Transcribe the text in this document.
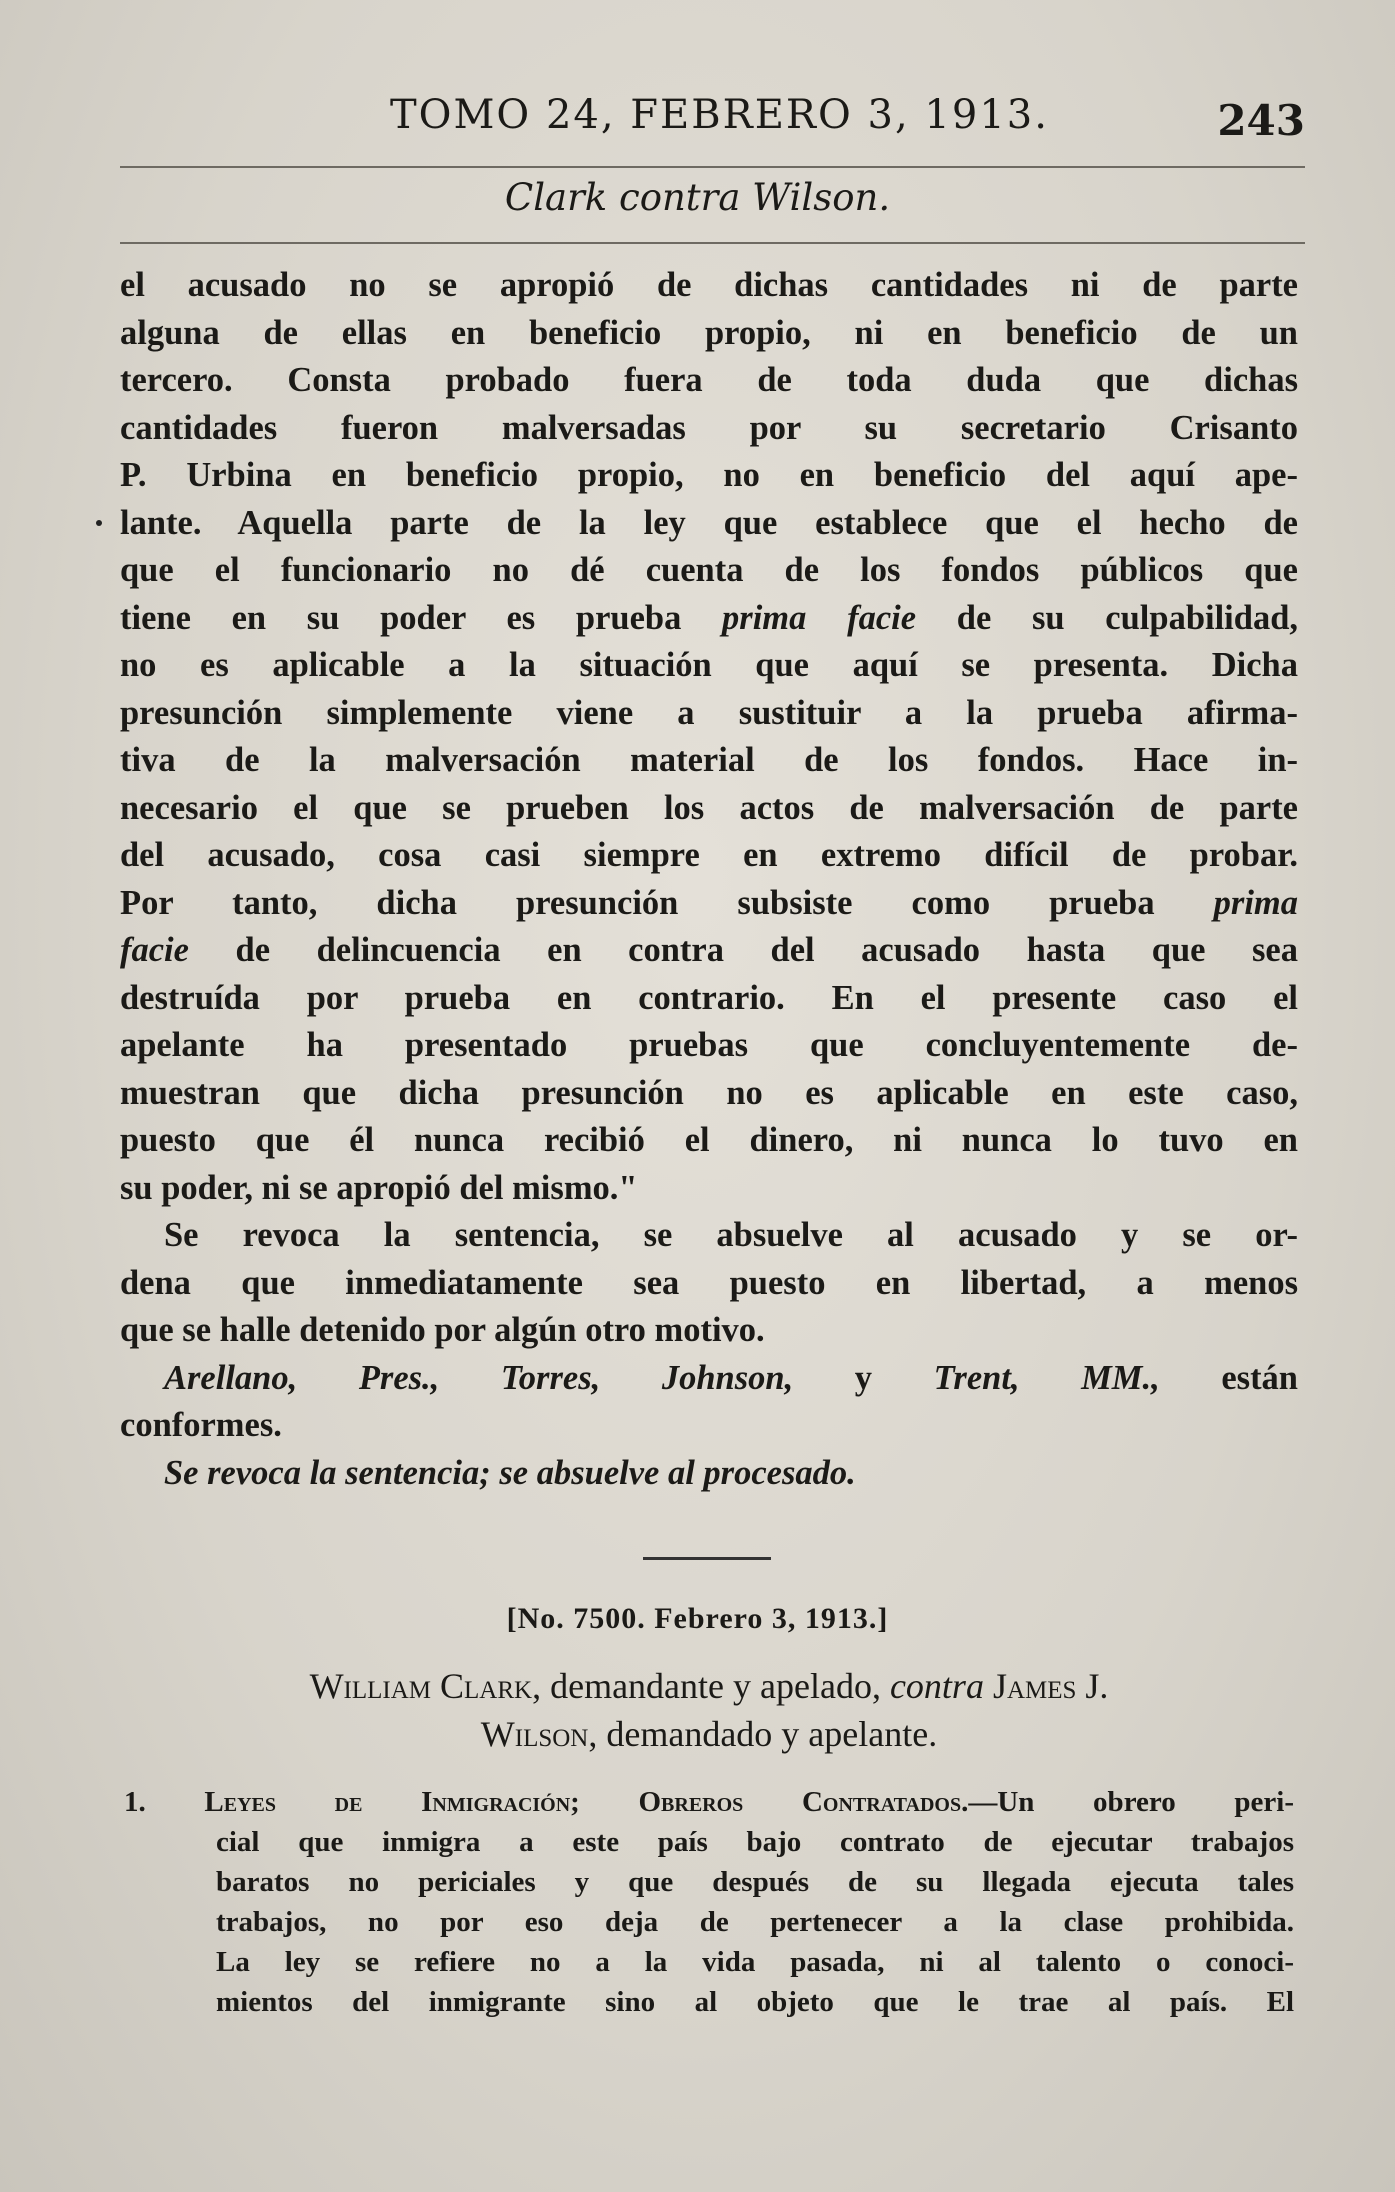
TOMO 24, FEBRERO 3, 1913.	243
Clark contra Wilson.
el acusado no se apropió de dichas cantidades ni de parte
alguna de ellas en beneficio propio, ni en beneficio de un
tercero. Consta probado fuera de toda duda que dichas
cantidades fueron malversadas por su secretario Crisanto
P. Urbina en beneficio propio, no en beneficio del aquí ape-
lante. Aquella parte de la ley que establece que el hecho de
que el funcionario no dé cuenta de los fondos públicos que
tiene en su poder es prueba prima facie de su culpabilidad,
no es aplicable a la situación que aquí se presenta. Dicha
presunción simplemente viene a sustituir a la prueba afirma-
tiva de la malversación material de los fondos. Hace in-
necesario el que se prueben los actos de malversación de parte
del acusado, cosa casi siempre en extremo difícil de probar.
Por tanto, dicha presunción subsiste como prueba prima
facie de delincuencia en contra del acusado hasta que sea
destruída por prueba en contrario. En el presente caso el
apelante ha presentado pruebas que concluyentemente de-
muestran que dicha presunción no es aplicable en este caso,
puesto que él nunca recibió el dinero, ni nunca lo tuvo en
su poder, ni se apropió del mismo."
Se revoca la sentencia, se absuelve al acusado y se or-
dena que inmediatamente sea puesto en libertad, a menos
que se halle detenido por algún otro motivo.
Arellano, Pres., Torres, Johnson, y Trent, MM., están
conformes.
Se revoca la sentencia; se absuelve al procesado.
[No. 7500. Febrero 3, 1913.]
William Clark, demandante y apelado, contra James J.
Wilson, demandado y apelante.
1. Leyes de Inmigración; Obreros Contratados.—Un obrero peri-
cial que inmigra a este país bajo contrato de ejecutar trabajos
baratos no periciales y que después de su llegada ejecuta tales
trabajos, no por eso deja de pertenecer a la clase prohibida.
La ley se refiere no a la vida pasada, ni al talento o conoci-
mientos del inmigrante sino al objeto que le trae al país. El
